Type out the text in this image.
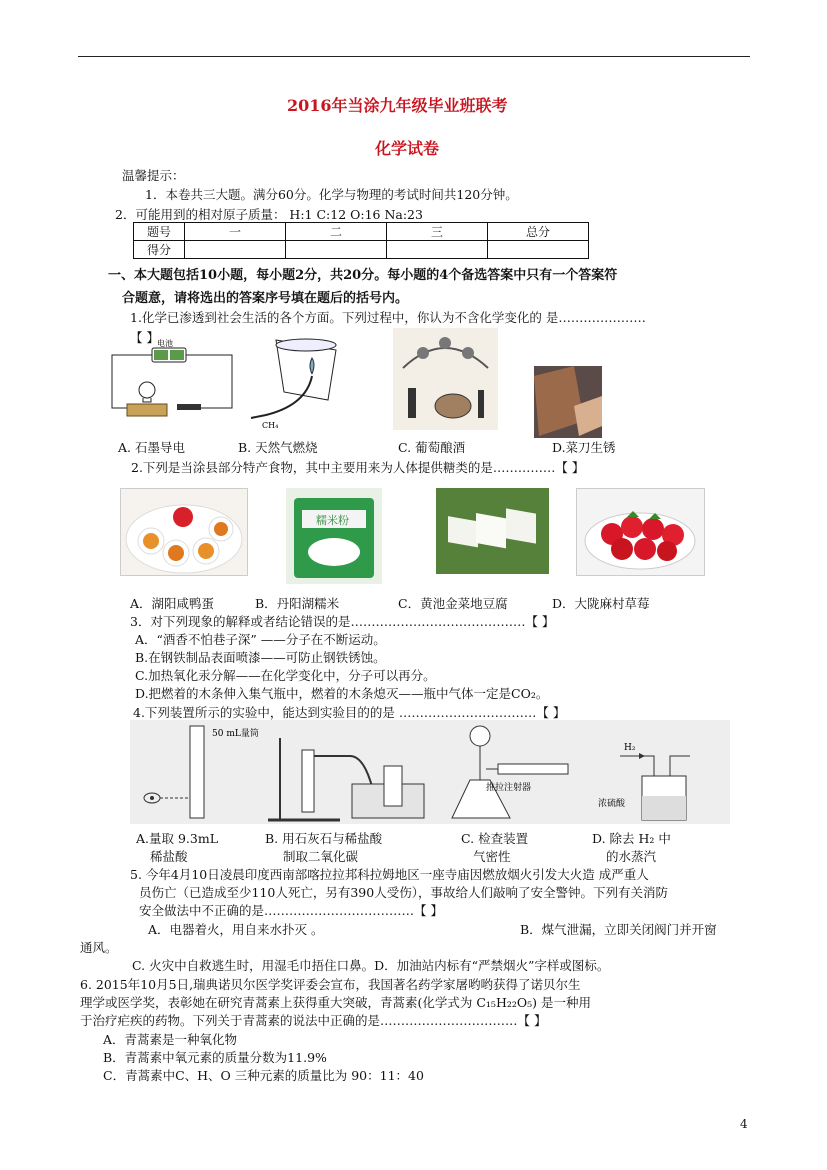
2016年当涂九年级毕业班联考
化学试卷
温馨提示：
1．本卷共三大题。满分60分。化学与物理的考试时间共120分钟。
2．可能用到的相对原子质量： H:1 C:12 O:16 Na:23
题号	一	二	三	总分
得分				
一、本大题包括10小题，每小题2分，共20分。每小题的4个备选答案中只有一个答案符
合题意，请将选出的答案序号填在题后的括号内。
1.化学已渗透到社会生活的各个方面。下列过程中，你认为不含化学变化的 是…………………
【 】
电池
CH₄
A. 石墨导电	B. 天然气燃烧	C. 葡萄酿酒	D.菜刀生锈
2.下列是当涂县部分特产食物，其中主要用来为人体提供糖类的是……………【 】
糯米粉
A．湖阳咸鸭蛋	B．丹阳湖糯米	C．黄池金菜地豆腐	D．大陇麻村草莓
3．对下列现象的解释或者结论错误的是……………………………………【 】
A．“酒香不怕巷子深” ——分子在不断运动。
B.在钢铁制品表面喷漆——可防止钢铁锈蚀。
C.加热氧化汞分解——在化学变化中，分子可以再分。
D.把燃着的木条伸入集气瓶中，燃着的木条熄灭——瓶中气体一定是CO₂。
4.下列装置所示的实验中，能达到实验目的的是 ……………………………【 】
50 mL量筒
推拉注射器
H₂
浓硫酸
A.量取 9.3mL
稀盐酸
B. 用石灰石与稀盐酸
制取二氧化碳
C. 检查装置
气密性
D. 除去 H₂ 中
的水蒸汽
5. 今年4月10日凌晨印度西南部喀拉拉邦科拉姆地区一座寺庙因燃放烟火引发大火造 成严重人
员伤亡（已造成至少110人死亡，另有390人受伤），事故给人们敲响了安全警钟。下列有关消防
安全做法中不正确的是………………………………【 】
A．电器着火，用自来水扑灭 。	B．煤气泄漏，立即关闭阀门并开窗
通风。
C. 火灾中自救逃生时，用湿毛巾捂住口鼻。D．加油站内标有“严禁烟火”字样或图标。
6. 2015年10月5日,瑞典诺贝尔医学奖评委会宣布，我国著名药学家屠哟哟获得了诺贝尔生
理学或医学奖，表彰她在研究青蒿素上获得重大突破，青蒿素(化学式为 C₁₅H₂₂O₅) 是一种用
于治疗疟疾的药物。下列关于青蒿素的说法中正确的是……………………………【 】
A．青蒿素是一种氧化物
B．青蒿素中氧元素的质量分数为11.9%
C．青蒿素中C、H、O 三种元素的质量比为 90：11：40
4
